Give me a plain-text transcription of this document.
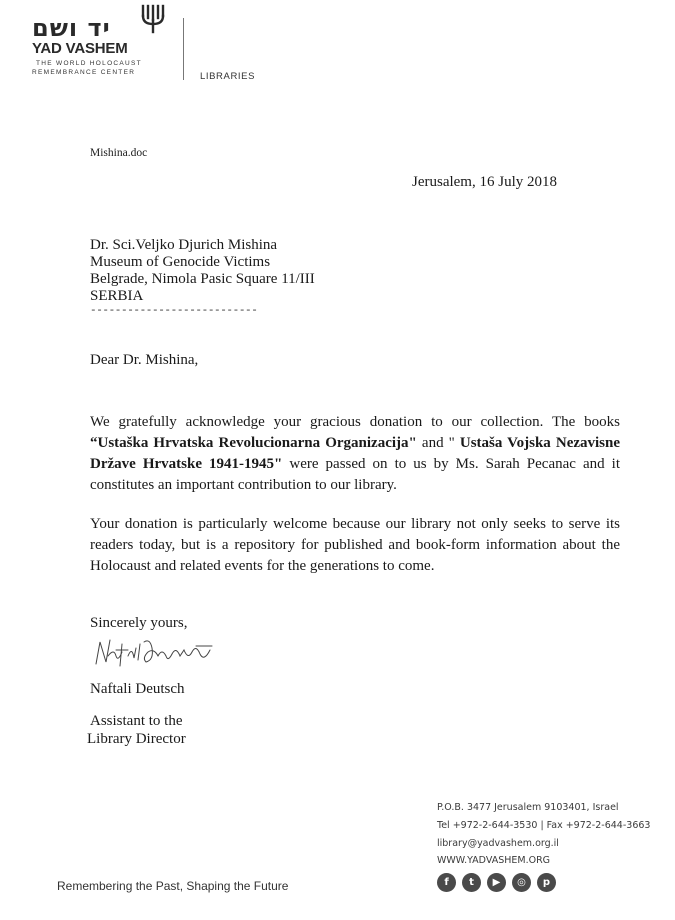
יד ושם
YAD VASHEM
THE WORLD HOLOCAUST
REMEMBRANCE CENTER	LIBRARIES
Mishina.doc
Jerusalem, 16 July 2018
Dr. Sci.Veljko Djurich Mishina
Museum of Genocide Victims
Belgrade, Nimola Pasic Square 11/III
SERBIA
---------------------------
Dear Dr. Mishina,

We gratefully acknowledge your gracious donation to our collection. The books “Ustaška Hrvatska Revolucionarna Organizacija" and " Ustaša Vojska Nezavisne Države Hrvatske 1941-1945" were passed on to us by Ms. Sarah Pecanac and it constitutes an important contribution to our library.

Your donation is particularly welcome because our library not only seeks to serve its readers today, but is a repository for published and book-form information about the Holocaust and related events for the generations to come.

Sincerely yours,
Naftali Deutsch
Assistant to the
Library Director
P.O.B. 3477 Jerusalem 9103401, Israel
Tel +972-2-644-3530 | Fax +972-2-644-3663
library@yadvashem.org.il
WWW.YADVASHEM.ORG
Remembering the Past, Shaping the Future	f	t	▶	◎	p
